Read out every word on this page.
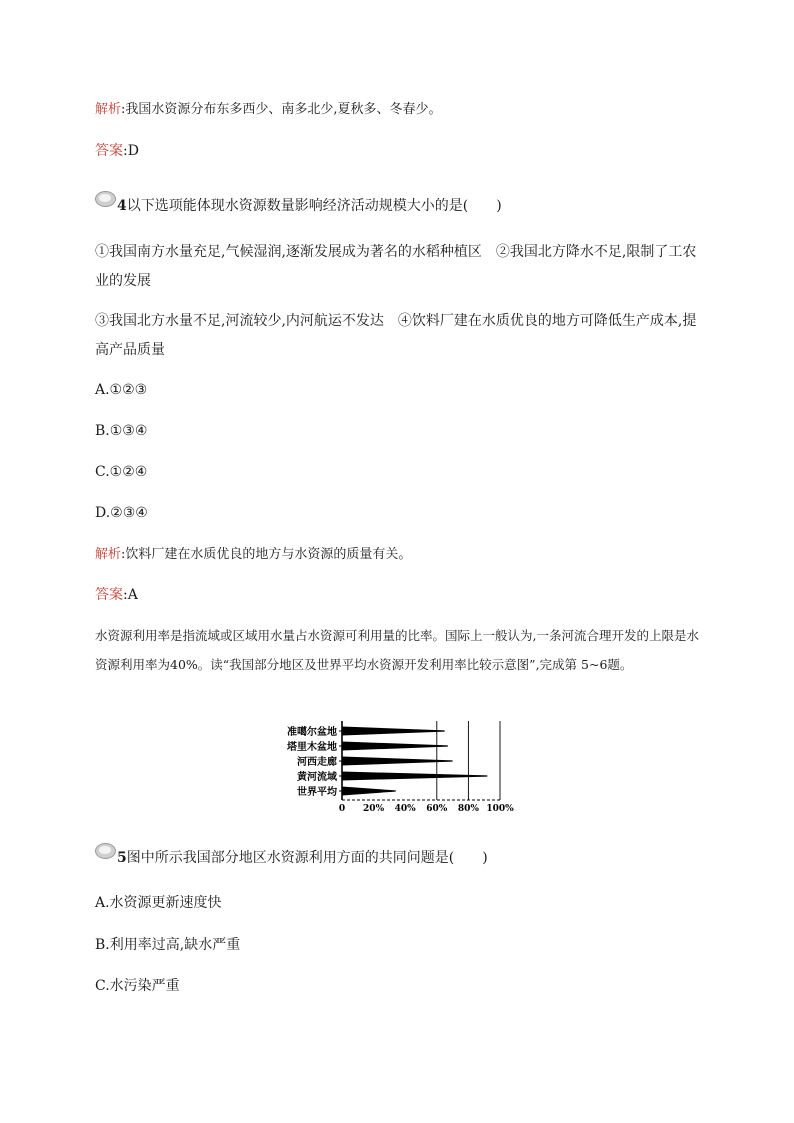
解析:我国水资源分布东多西少、南多北少,夏秋多、冬春少。
答案:D
4以下选项能体现水资源数量影响经济活动规模大小的是(　　)
①我国南方水量充足,气候湿润,逐渐发展成为著名的水稻种植区　②我国北方降水不足,限制了工农业的发展
③我国北方水量不足,河流较少,内河航运不发达　④饮料厂建在水质优良的地方可降低生产成本,提高产品质量
A.①②③
B.①③④
C.①②④
D.②③④
解析:饮料厂建在水质优良的地方与水资源的质量有关。
答案:A
水资源利用率是指流域或区域用水量占水资源可利用量的比率。国际上一般认为,一条河流合理开发的上限是水资源利用率为40%。读“我国部分地区及世界平均水资源开发利用率比较示意图”,完成第 5~6题。
准噶尔盆地
塔里木盆地
河西走廊
黄河流域
世界平均
0 20% 40% 60% 80% 100%
5图中所示我国部分地区水资源利用方面的共同问题是(　　)
A.水资源更新速度快
B.利用率过高,缺水严重
C.水污染严重
